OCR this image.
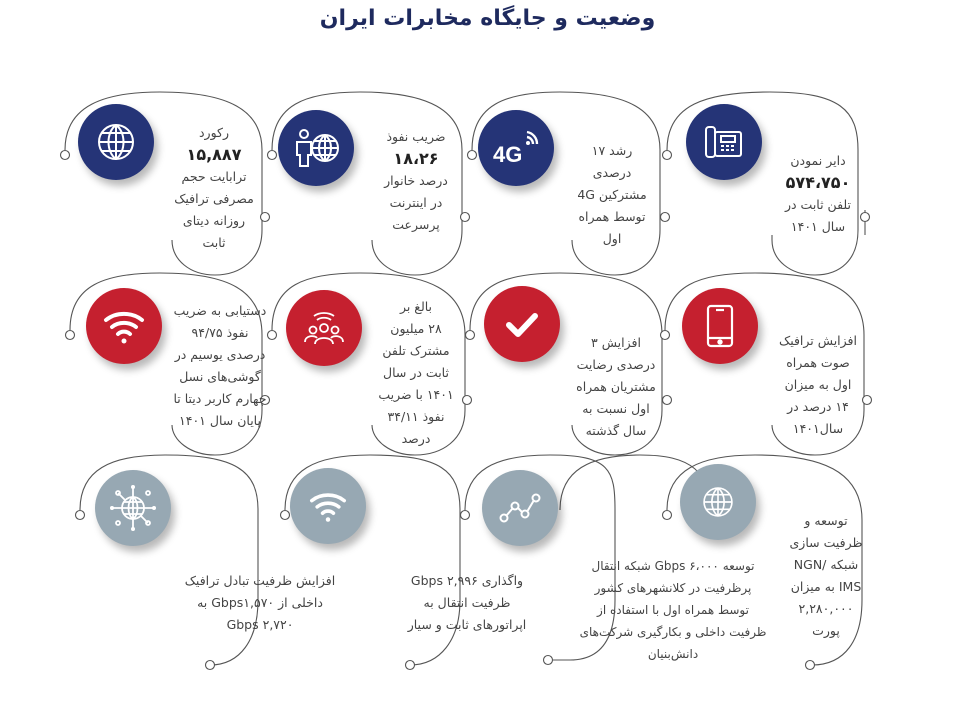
وضعیت و جایگاه مخابرات ایران
دایر نمودن
۵۷۴،۷۵۰
تلفن ثابت در
سال ۱۴۰۱
4G	رشد ۱۷
درصدی
مشترکین 4G
توسط همراه
اول
ضریب نفوذ
۱۸،۲۶
درصد خانوار
در اینترنت
پرسرعت
رکورد
۱۵,۸۸۷
ترابایت حجم
مصرفی ترافیک
روزانه دیتای
ثابت
افزایش ترافیک
صوت همراه
اول به میزان
۱۴ درصد در
سال۱۴۰۱
افزایش ۳
درصدی رضایت
مشتریان همراه
اول نسبت به
سال گذشته
بالغ بر
۲۸ میلیون
مشترک تلفن
ثابت در سال
۱۴۰۱ با ضریب
نفوذ ۳۴/۱۱
درصد
دستیابی به ضریب
نفوذ ۹۴/۷۵
درصدی یوسیم در
گوشی‌های نسل
چهارم کاربر دیتا تا
پایان سال ۱۴۰۱
توسعه و
ظرفیت سازی
شبکه /NGN
IMS به میزان
۲,۲۸۰,۰۰۰
پورت
توسعه ۶،۰۰۰ Gbps شبکه انتقال
پرظرفیت در کلانشهرهای کشور
توسط همراه اول با استفاده از
ظرفیت داخلی و بکارگیری شرکت‌های
دانش‌بنیان
واگذاری ۲,۹۹۶ Gbps
ظرفیت انتقال به
اپراتورهای ثابت و سیار
افزایش ظرفیت تبادل ترافیک
داخلی از Gbps۱,۵۷۰ به
Gbps ۲,۷۲۰
